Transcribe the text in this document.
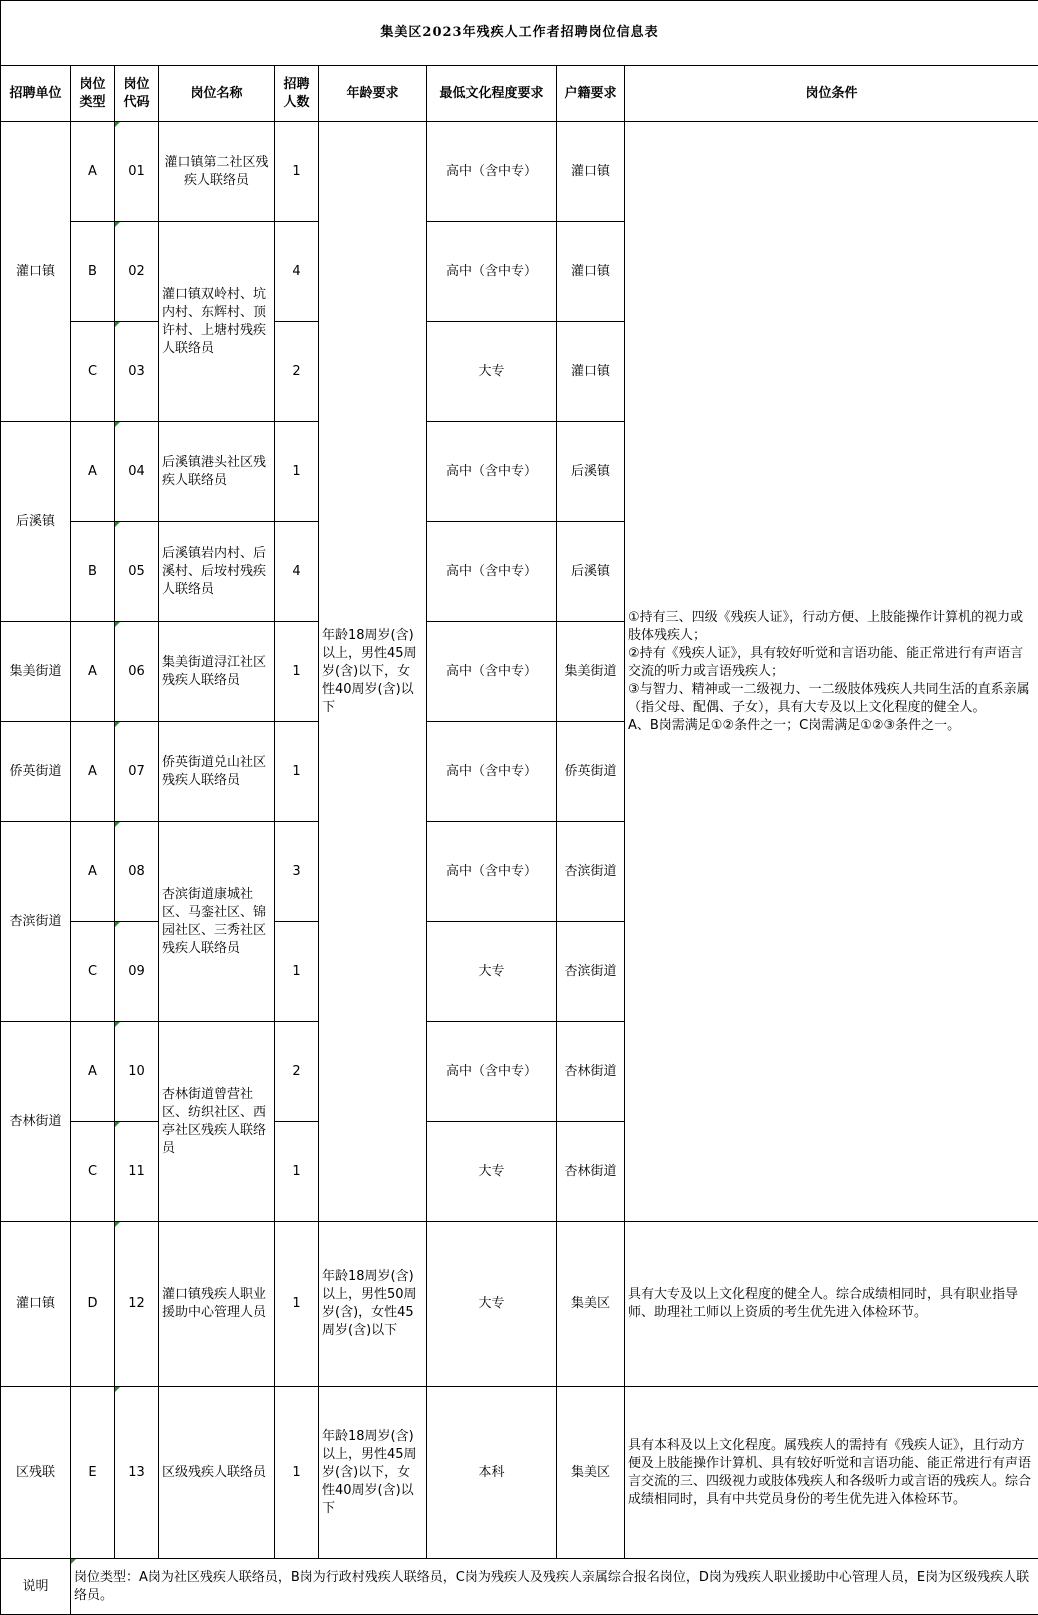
集美区2023年残疾人工作者招聘岗位信息表								
招聘单位	岗位类型	岗位代码	岗位名称	招聘人数	年龄要求	最低文化程度要求	户籍要求	岗位条件
灌口镇	A	01	灌口镇第二社区残疾人联络员	1	年龄18周岁(含)以上，男性45周岁(含)以下，女性40周岁(含)以下	高中（含中专）	灌口镇	①持有三、四级《残疾人证》，行动方便、上肢能操作计算机的视力或肢体残疾人；
②持有《残疾人证》，具有较好听觉和言语功能、能正常进行有声语言交流的听力或言语残疾人；
③与智力、精神或一二级视力、一二级肢体残疾人共同生活的直系亲属（指父母、配偶、子女），具有大专及以上文化程度的健全人。
A、B岗需满足①②条件之一；C岗需满足①②③条件之一。

	B	02	灌口镇双岭村、坑内村、东辉村、顶许村、上塘村残疾人联络员	4		高中（含中专）	灌口镇	
	C	03		2		大专	灌口镇	
后溪镇	A	04	后溪镇港头社区残疾人联络员	1		高中（含中专）	后溪镇	
	B	05	后溪镇岩内村、后溪村、后垵村残疾人联络员	4		高中（含中专）	后溪镇	
集美街道	A	06	集美街道浔江社区残疾人联络员	1		高中（含中专）	集美街道	
侨英街道	A	07	侨英街道兑山社区残疾人联络员	1		高中（含中专）	侨英街道	
杏滨街道	A	08	杏滨街道康城社区、马銮社区、锦园社区、三秀社区残疾人联络员	3		高中（含中专）	杏滨街道	
	C	09		1		大专	杏滨街道	
杏林街道	A	10	杏林街道曾营社区、纺织社区、西亭社区残疾人联络员	2		高中（含中专）	杏林街道	
	C	11		1		大专	杏林街道	
灌口镇	D	12	灌口镇残疾人职业援助中心管理人员	1	年龄18周岁(含)以上，男性50周岁(含)，女性45周岁(含)以下	大专	集美区	具有大专及以上文化程度的健全人。综合成绩相同时，具有职业指导师、助理社工师以上资质的考生优先进入体检环节。
区残联	E	13	区级残疾人联络员	1	年龄18周岁(含)以上，男性45周岁(含)以下，女性40周岁(含)以下	本科	集美区	具有本科及以上文化程度。属残疾人的需持有《残疾人证》，且行动方便及上肢能操作计算机、具有较好听觉和言语功能、能正常进行有声语言交流的三、四级视力或肢体残疾人和各级听力或言语的残疾人。综合成绩相同时，具有中共党员身份的考生优先进入体检环节。
说明	岗位类型：A岗为社区残疾人联络员，B岗为行政村残疾人联络员，C岗为残疾人及残疾人亲属综合报名岗位，D岗为残疾人职业援助中心管理人员，E岗为区级残疾人联络员。							
